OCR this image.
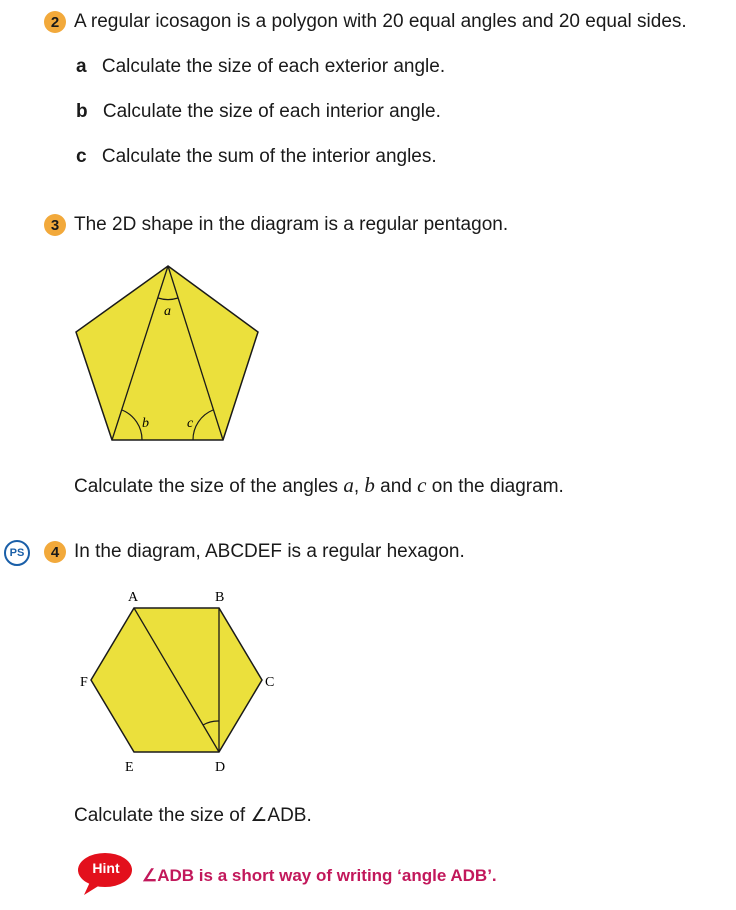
2 A regular icosagon is a polygon with 20 equal angles and 20 equal sides.
a Calculate the size of each exterior angle.
b Calculate the size of each interior angle.
c Calculate the sum of the interior angles.
3 The 2D shape in the diagram is a regular pentagon.
a
b	c
Calculate the size of the angles a, b and c on the diagram.
PS	4 In the diagram, ABCDEF is a regular hexagon.
A	B
C
D
E
F
Calculate the size of ∠ADB.
Hint	∠ADB is a short way of writing ‘angle ADB’.
